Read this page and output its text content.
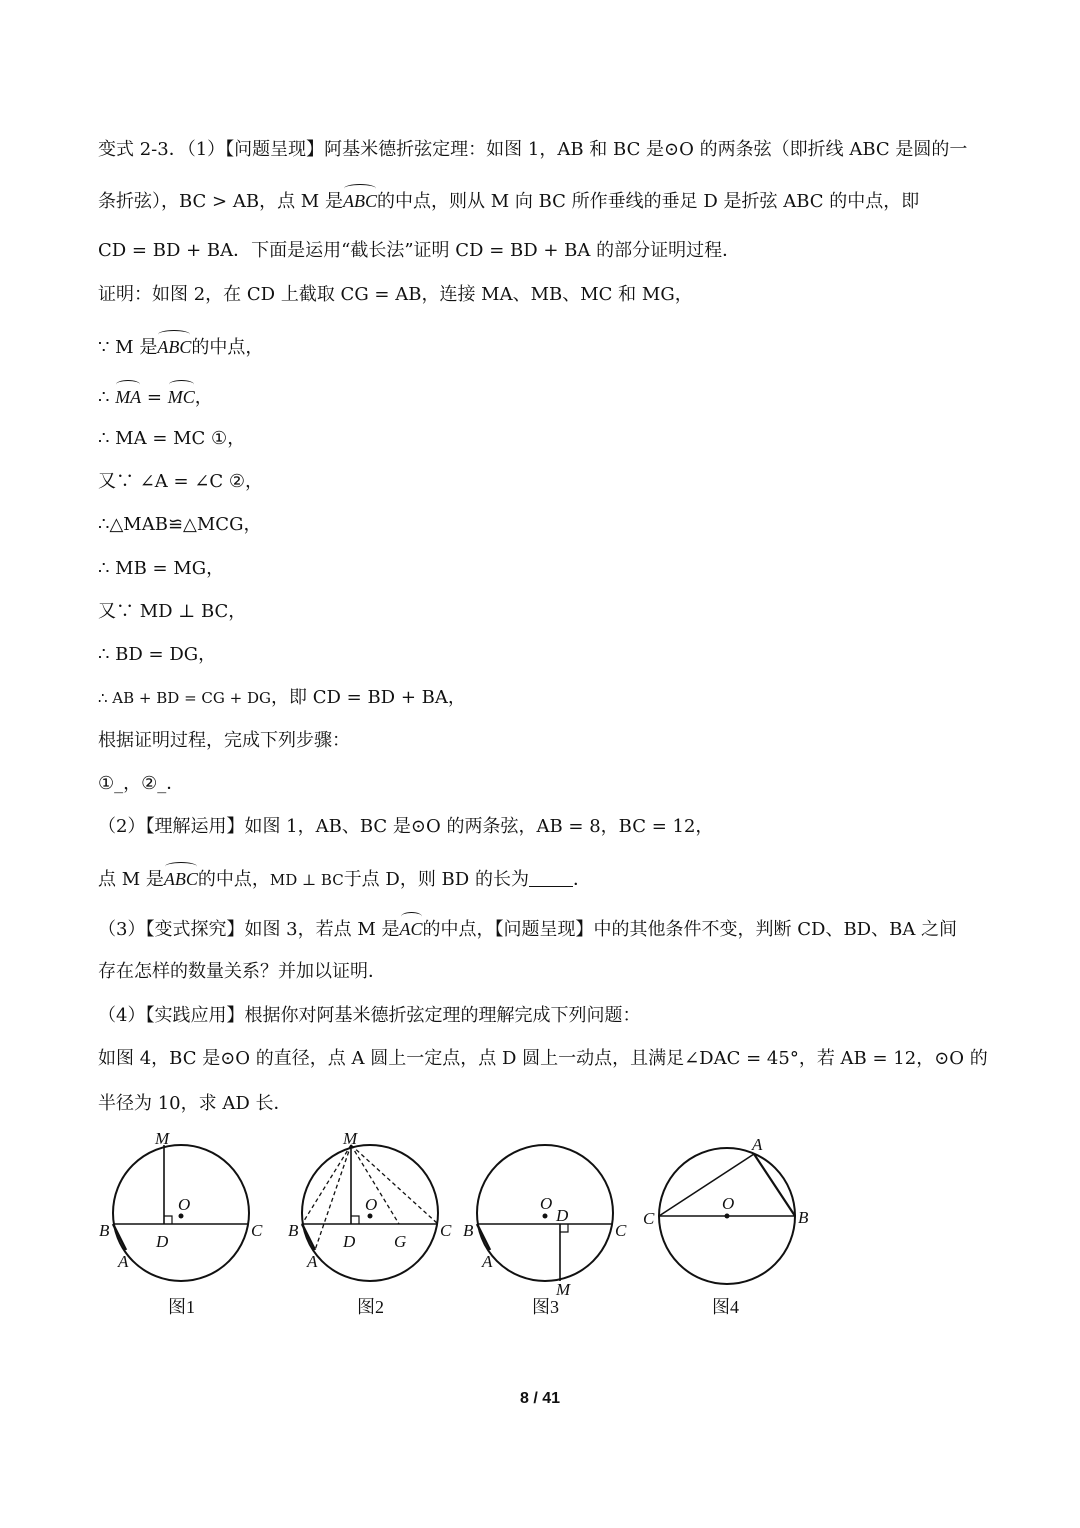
变式 2-3．（1）【问题呈现】阿基米德折弦定理：如图 1，AB 和 BC 是⊙O 的两条弦（即折线 ABC 是圆的一
条折弦），BC > AB，点 M 是ABC的中点，则从 M 向 BC 所作垂线的垂足 D 是折弦 ABC 的中点，即
CD = BD + BA．下面是运用“截长法”证明 CD = BD + BA 的部分证明过程．
证明：如图 2，在 CD 上截取 CG = AB，连接 MA、MB、MC 和 MG，
∵ M 是ABC的中点，
∴ MA = MC，
∴ MA = MC ①，
又∵ ∠A = ∠C ②，
∴△MAB≌△MCG，
∴ MB = MG，
又∵ MD ⊥ BC，
∴ BD = DG，
∴ AB + BD = CG + DG，即 CD = BD + BA，
根据证明过程，完成下列步骤：
①_，②_．
（2）【理解运用】如图 1，AB、BC 是⊙O 的两条弦，AB = 8，BC = 12，
点 M 是ABC的中点，MD ⊥ BC于点 D，则 BD 的长为 ．
（3）【变式探究】如图 3，若点 M 是AC的中点，【问题呈现】中的其他条件不变，判断 CD、BD、BA 之间
存在怎样的数量关系？并加以证明．
（4）【实践应用】根据你对阿基米德折弦定理的理解完成下列问题：
如图 4，BC 是⊙O 的直径，点 A 圆上一定点，点 D 圆上一动点，且满足∠DAC = 45°，若 AB = 12，⊙O 的
半径为 10，求 AD 长．
M
O
B	C
D
A
图1
M
O
B	C
D G
A
图2
O
D
B	C
A
M
图3
A
C
O
B
图4
8 / 41
